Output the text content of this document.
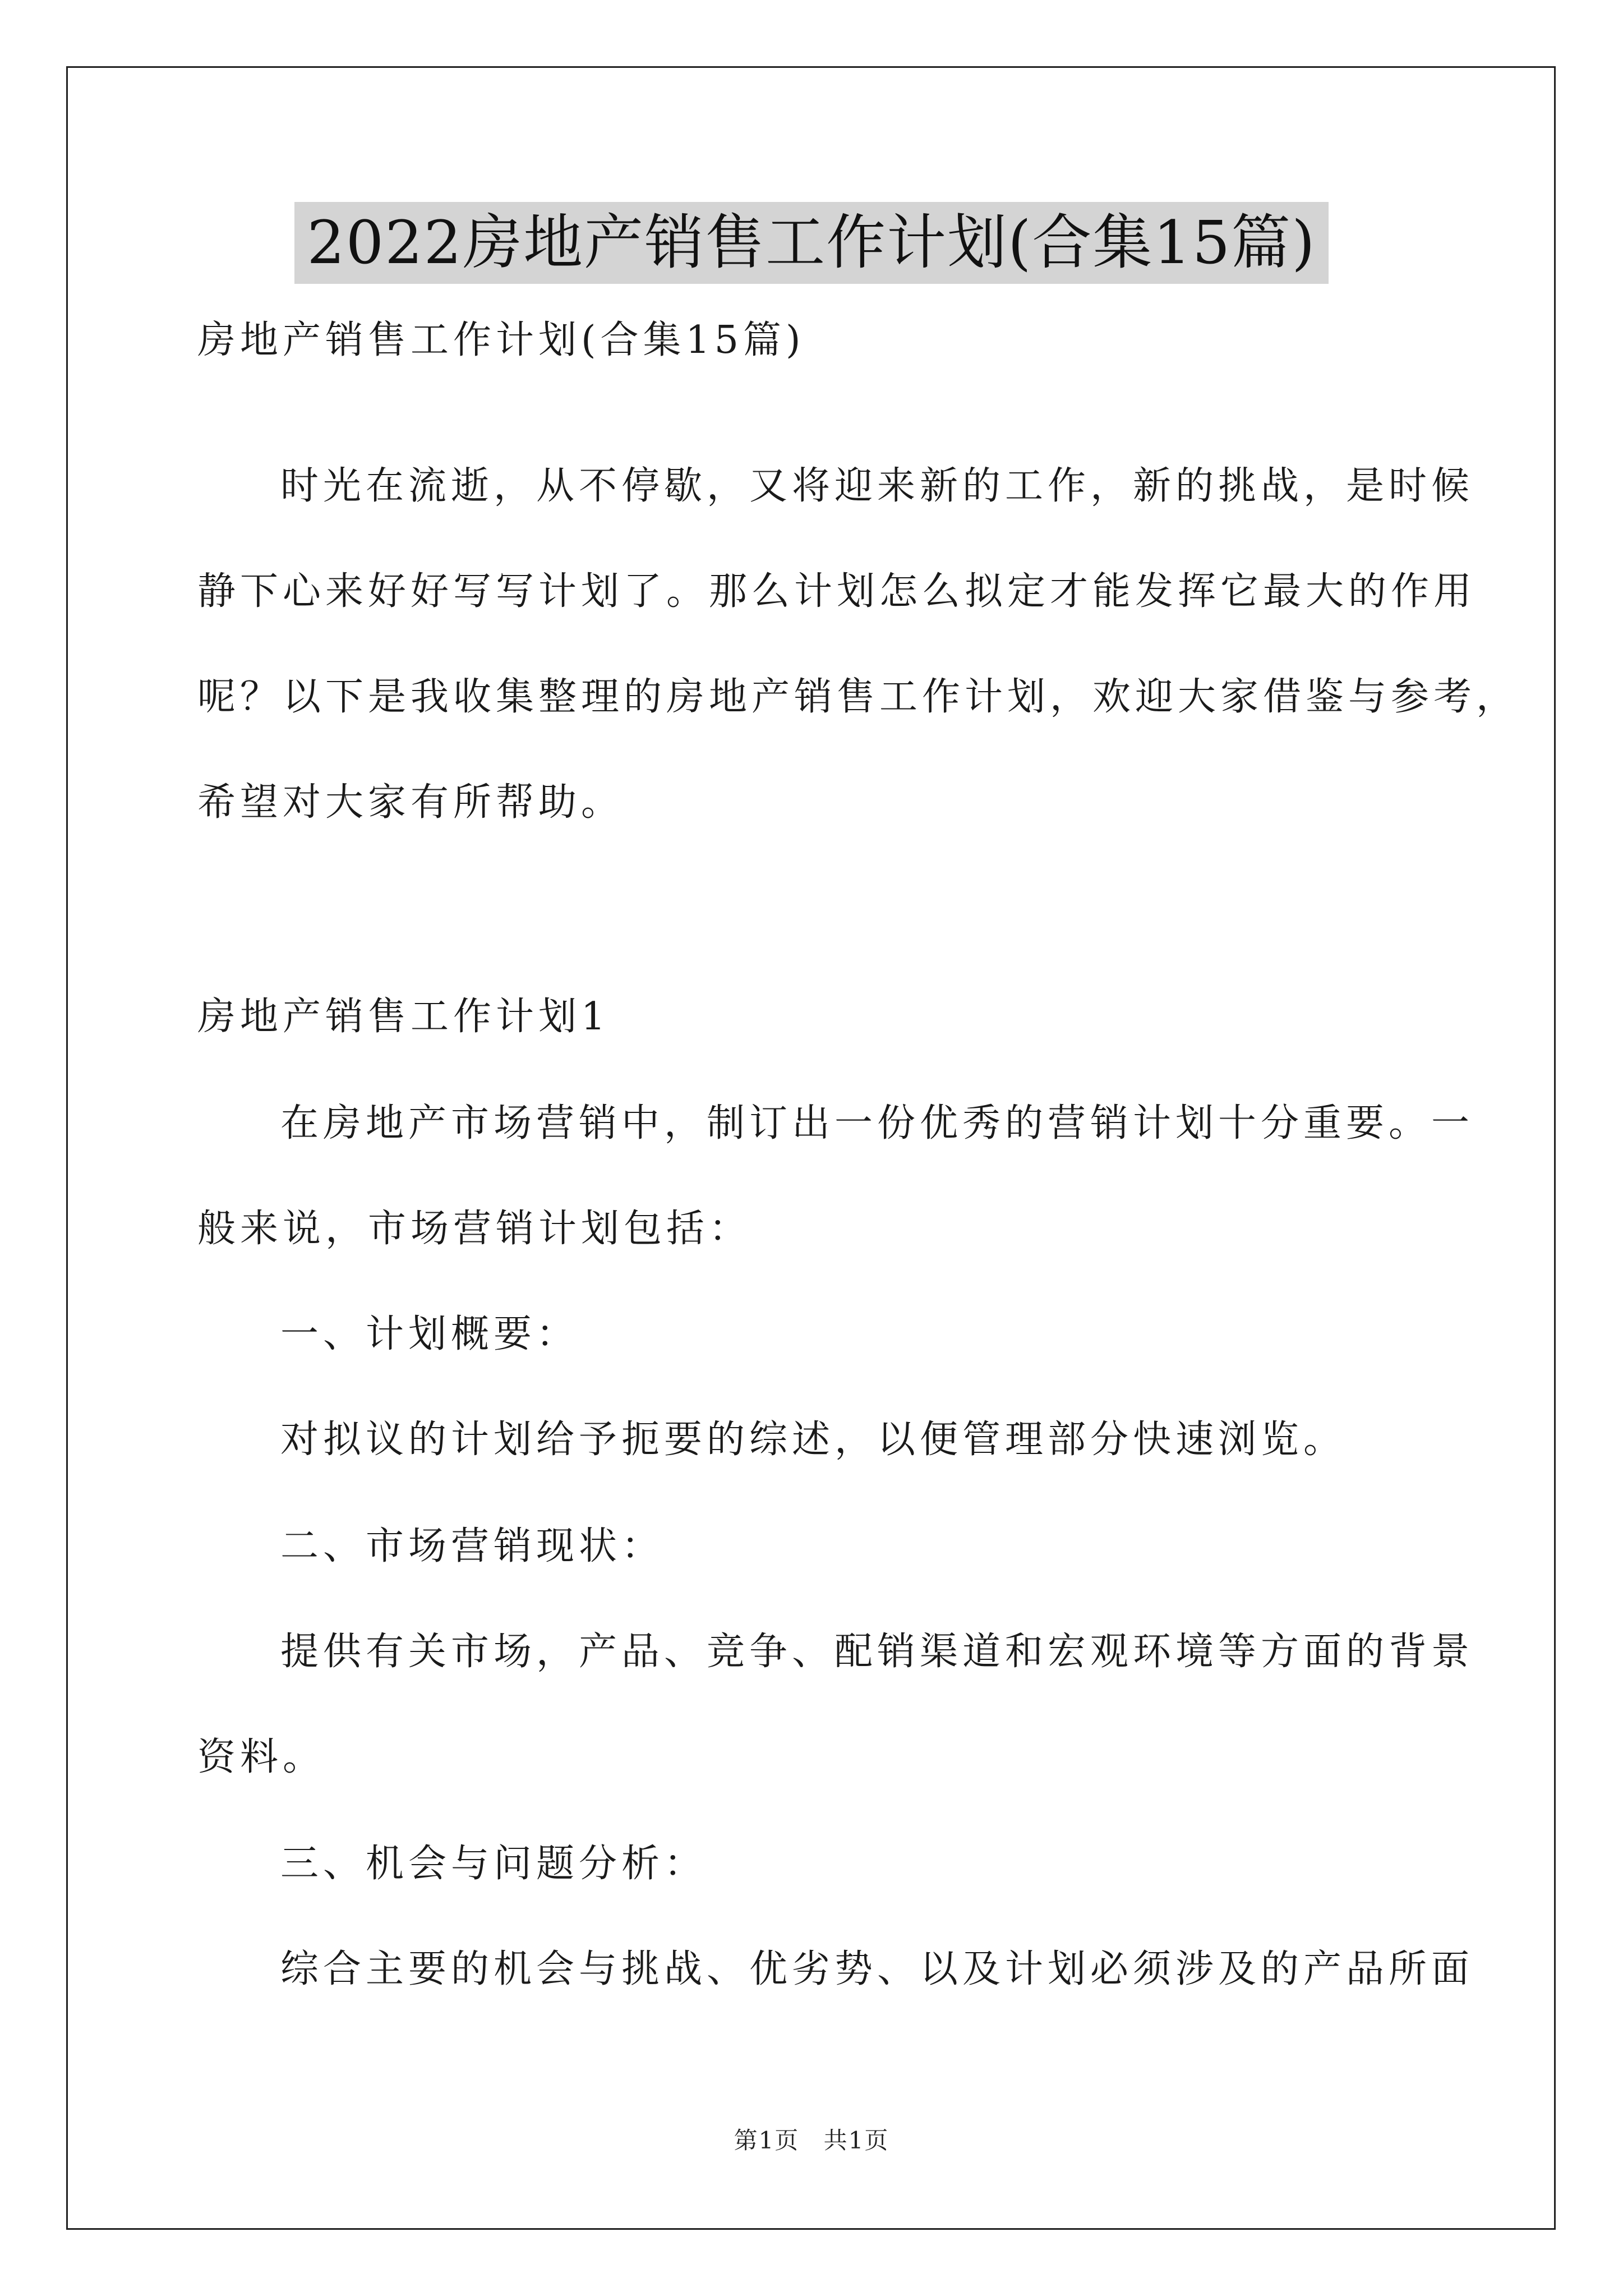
2022房地产销售工作计划(合集15篇)
房地产销售工作计划(合集15篇)
时光在流逝，从不停歇，又将迎来新的工作，新的挑战，是时候
静下心来好好写写计划了。那么计划怎么拟定才能发挥它最大的作用
呢？以下是我收集整理的房地产销售工作计划，欢迎大家借鉴与参考，
希望对大家有所帮助。
房地产销售工作计划1
在房地产市场营销中，制订出一份优秀的营销计划十分重要。一
般来说，市场营销计划包括：
一、计划概要：
对拟议的计划给予扼要的综述，以便管理部分快速浏览。
二、市场营销现状：
提供有关市场，产品、竞争、配销渠道和宏观环境等方面的背景
资料。
三、机会与问题分析：
综合主要的机会与挑战、优劣势、以及计划必须涉及的产品所面
第1页 共1页
